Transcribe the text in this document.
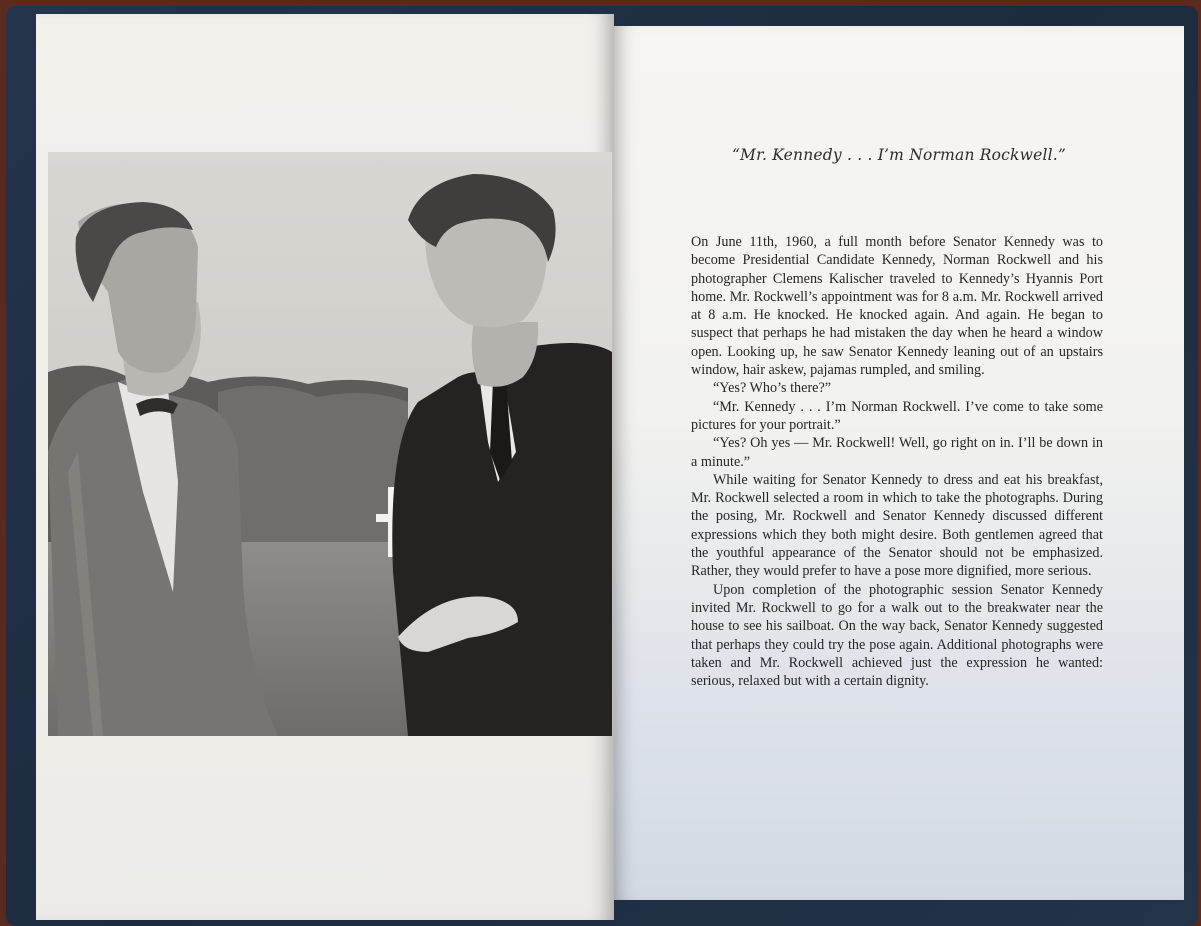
“Mr. Kennedy . . . I’m Norman Rockwell.”

On June 11th, 1960, a full month before Senator Kennedy was to become Presidential Candidate Kennedy, Norman Rockwell and his photographer Clemens Kalischer traveled to Kennedy’s Hyannis Port home. Mr. Rockwell’s appointment was for 8 a.m. Mr. Rockwell arrived at 8 a.m. He knocked. He knocked again. And again. He began to suspect that perhaps he had mistaken the day when he heard a window open. Looking up, he saw Senator Kennedy leaning out of an upstairs window, hair askew, pajamas rumpled, and smiling.

“Yes? Who’s there?”

“Mr. Kennedy . . . I’m Norman Rockwell. I’ve come to take some pictures for your portrait.”

“Yes? Oh yes — Mr. Rockwell! Well, go right on in. I’ll be down in a minute.”

While waiting for Senator Kennedy to dress and eat his breakfast, Mr. Rockwell selected a room in which to take the photographs. During the posing, Mr. Rockwell and Senator Kennedy discussed different expressions which they both might desire. Both gentlemen agreed that the youthful appearance of the Senator should not be emphasized. Rather, they would prefer to have a pose more dignified, more serious.

Upon completion of the photographic session Senator Kennedy invited Mr. Rockwell to go for a walk out to the breakwater near the house to see his sailboat. On the way back, Senator Kennedy suggested that perhaps they could try the pose again. Additional photographs were taken and Mr. Rockwell achieved just the expression he wanted: serious, relaxed but with a certain dignity.
